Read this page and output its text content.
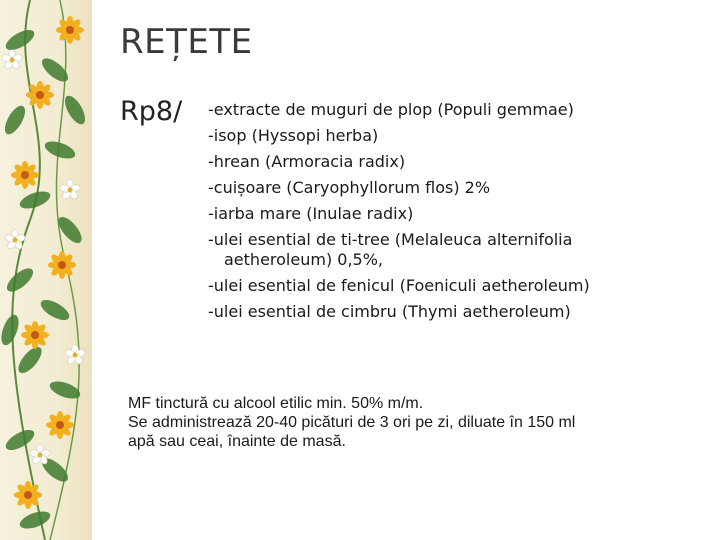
REȚETE
Rp8/ -extracte de muguri de plop (Populi gemmae)
-isop (Hyssopi herba)
-hrean (Armoracia radix)
-cuișoare (Caryophyllorum flos) 2%
-iarba mare (Inulae radix)
-ulei esential de ti-tree (Melaleuca alternifolia
aetheroleum) 0,5%,
-ulei esential de fenicul (Foeniculi aetheroleum)
-ulei esential de cimbru (Thymi aetheroleum)

MF tinctură cu alcool etilic min. 50% m/m.

Se administrează 20-40 picături de 3 ori pe zi, diluate în 150 ml

apă sau ceai, înainte de masă.
